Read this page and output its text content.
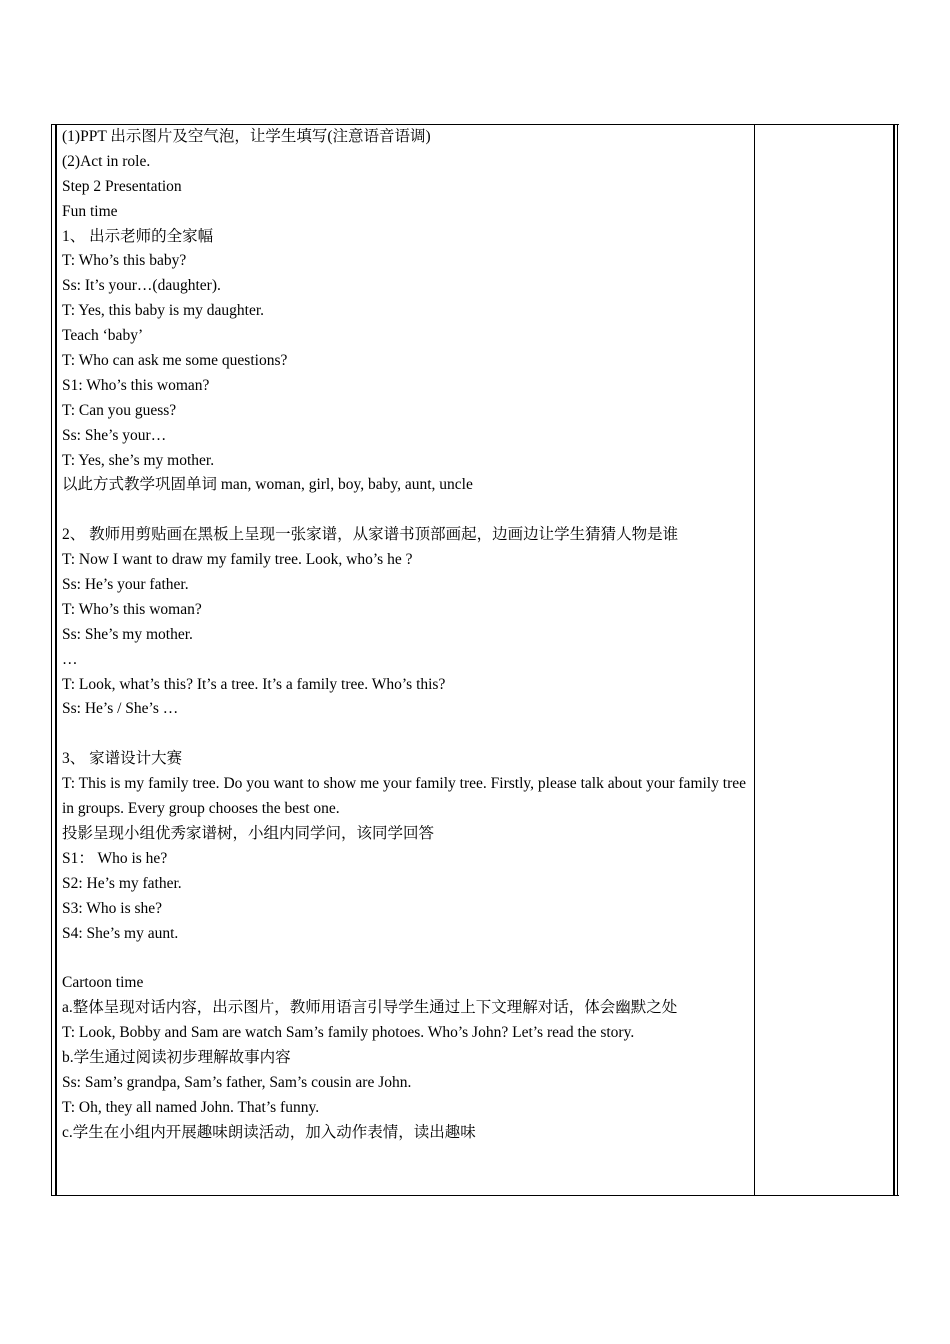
(1)PPT 出示图片及空气泡，让学生填写(注意语音语调)
(2)Act in role.
Step 2 Presentation
Fun time
1、 出示老师的全家幅
T: Who’s this baby?
Ss: It’s your…(daughter).
T: Yes, this baby is my daughter.
Teach ‘baby’
T: Who can ask me some questions?
S1: Who’s this woman?
T: Can you guess?
Ss: She’s your…
T: Yes, she’s my mother.
以此方式教学巩固单词 man, woman, girl, boy, baby, aunt, uncle
2、 教师用剪贴画在黑板上呈现一张家谱，从家谱书顶部画起，边画边让学生猜猜人物是谁
T: Now I want to draw my family tree. Look, who’s he ?
Ss: He’s your father.
T: Who’s this woman?
Ss: She’s my mother.
…
T: Look, what’s this? It’s a tree. It’s a family tree. Who’s this?
Ss: He’s / She’s …
3、 家谱设计大赛
T: This is my family tree. Do you want to show me your family tree. Firstly, please talk about your family tree in groups. Every group chooses the best one.
投影呈现小组优秀家谱树，小组内同学问，该同学回答
S1： Who is he?
S2: He’s my father.
S3: Who is she?
S4: She’s my aunt.
Cartoon time
a.整体呈现对话内容，出示图片，教师用语言引导学生通过上下文理解对话，体会幽默之处
T: Look, Bobby and Sam are watch Sam’s family photoes. Who’s John? Let’s read the story.
b.学生通过阅读初步理解故事内容
Ss: Sam’s grandpa, Sam’s father, Sam’s cousin are John.
T: Oh, they all named John. That’s funny.
c.学生在小组内开展趣味朗读活动，加入动作表情，读出趣味
